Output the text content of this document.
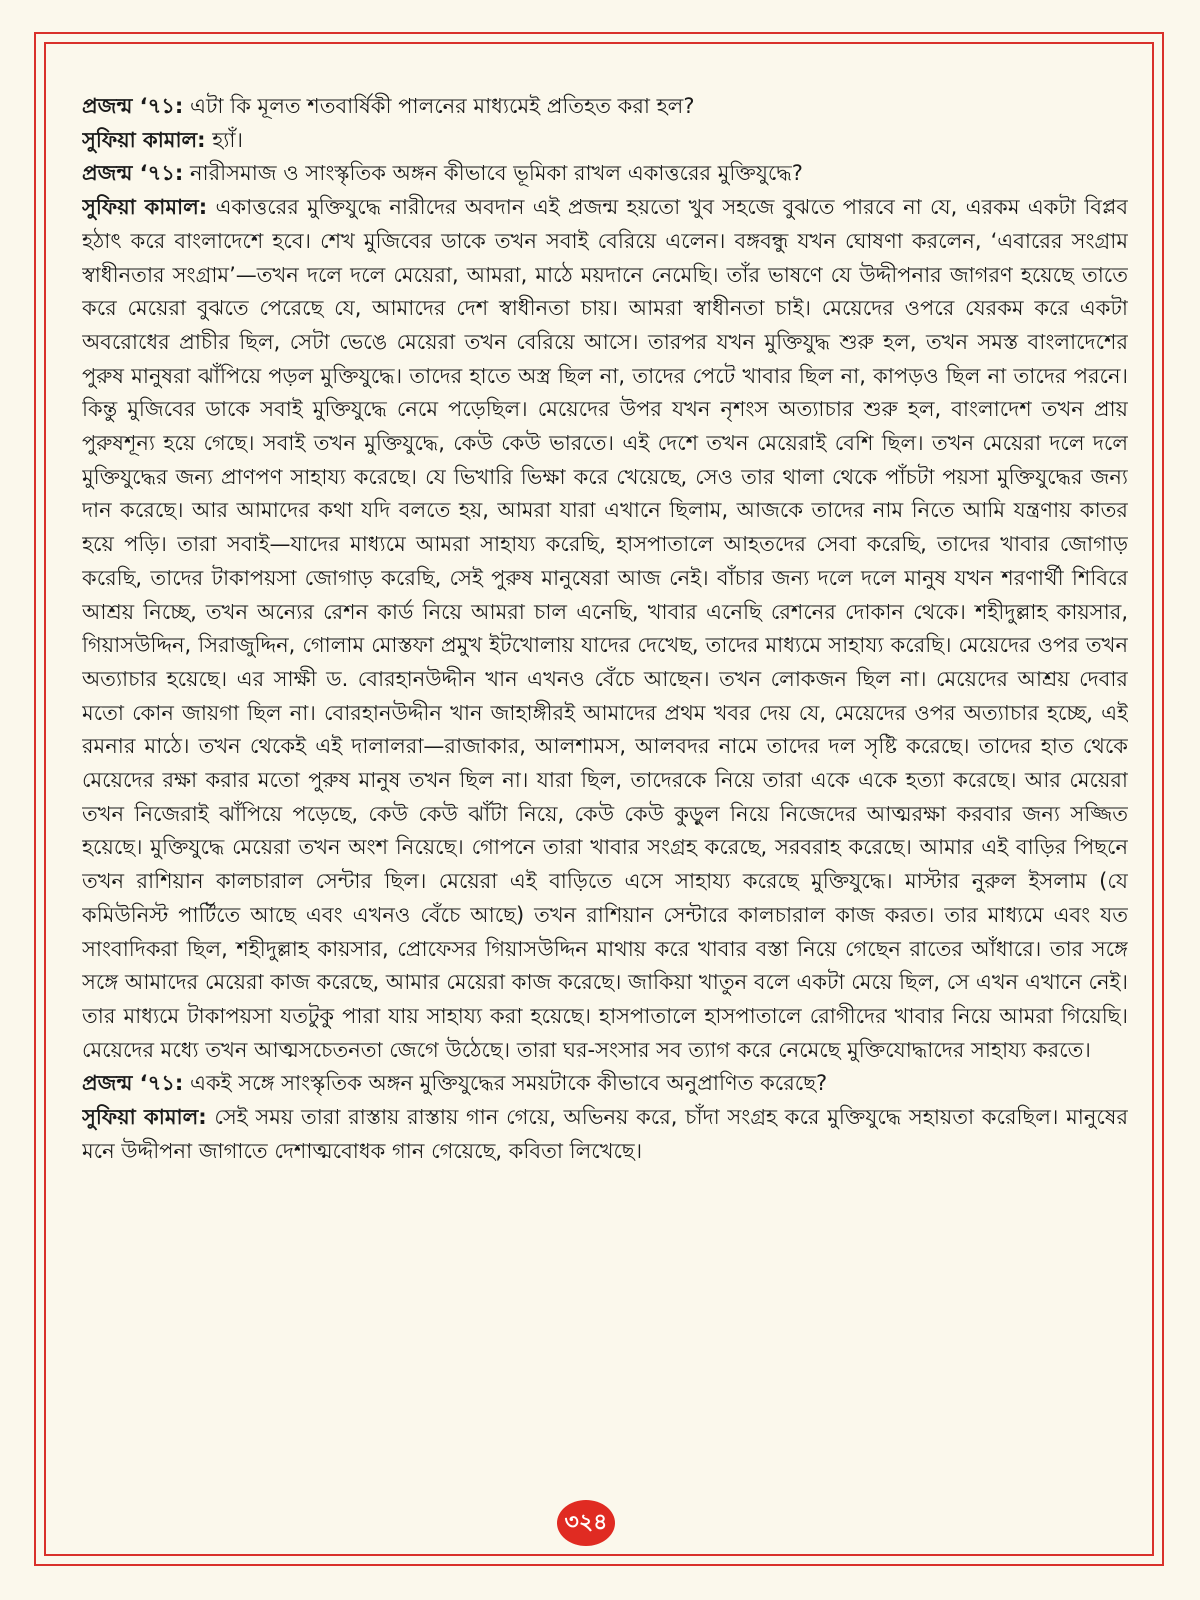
প্রজন্ম ‘৭১: এটা কি মূলত শতবার্ষিকী পালনের মাধ্যমেই প্রতিহত করা হল?

সুফিয়া কামাল: হ্যাঁ।

প্রজন্ম ‘৭১: নারীসমাজ ও সাংস্কৃতিক অঙ্গন কীভাবে ভূমিকা রাখল একাত্তরের মুক্তিযুদ্ধে?

সুফিয়া কামাল: একাত্তরের মুক্তিযুদ্ধে নারীদের অবদান এই প্রজন্ম হয়তো খুব সহজে বুঝতে পারবে না যে, এরকম একটা বিপ্লব হঠাৎ করে বাংলাদেশে হবে। শেখ মুজিবের ডাকে তখন সবাই বেরিয়ে এলেন। বঙ্গবন্ধু যখন ঘোষণা করলেন, ‘এবারের সংগ্রাম স্বাধীনতার সংগ্রাম’—তখন দলে দলে মেয়েরা, আমরা, মাঠে ময়দানে নেমেছি। তাঁর ভাষণে যে উদ্দীপনার জাগরণ হয়েছে তাতে করে মেয়েরা বুঝতে পেরেছে যে, আমাদের দেশ স্বাধীনতা চায়। আমরা স্বাধীনতা চাই। মেয়েদের ওপরে যেরকম করে একটা অবরোধের প্রাচীর ছিল, সেটা ভেঙে মেয়েরা তখন বেরিয়ে আসে। তারপর যখন মুক্তিযুদ্ধ শুরু হল, তখন সমস্ত বাংলাদেশের পুরুষ মানুষরা ঝাঁপিয়ে পড়ল মুক্তিযুদ্ধে। তাদের হাতে অস্ত্র ছিল না, তাদের পেটে খাবার ছিল না, কাপড়ও ছিল না তাদের পরনে। কিন্তু মুজিবের ডাকে সবাই মুক্তিযুদ্ধে নেমে পড়েছিল। মেয়েদের উপর যখন নৃশংস অত্যাচার শুরু হল, বাংলাদেশ তখন প্রায় পুরুষশূন্য হয়ে গেছে। সবাই তখন মুক্তিযুদ্ধে, কেউ কেউ ভারতে। এই দেশে তখন মেয়েরাই বেশি ছিল। তখন মেয়েরা দলে দলে মুক্তিযুদ্ধের জন্য প্রাণপণ সাহায্য করেছে। যে ভিখারি ভিক্ষা করে খেয়েছে, সেও তার থালা থেকে পাঁচটা পয়সা মুক্তিযুদ্ধের জন্য দান করেছে। আর আমাদের কথা যদি বলতে হয়, আমরা যারা এখানে ছিলাম, আজকে তাদের নাম নিতে আমি যন্ত্রণায় কাতর হয়ে পড়ি। তারা সবাই—যাদের মাধ্যমে আমরা সাহায্য করেছি, হাসপাতালে আহতদের সেবা করেছি, তাদের খাবার জোগাড় করেছি, তাদের টাকাপয়সা জোগাড় করেছি, সেই পুরুষ মানুষেরা আজ নেই। বাঁচার জন্য দলে দলে মানুষ যখন শরণার্থী শিবিরে আশ্রয় নিচ্ছে, তখন অন্যের রেশন কার্ড নিয়ে আমরা চাল এনেছি, খাবার এনেছি রেশনের দোকান থেকে। শহীদুল্লাহ কায়সার, গিয়াসউদ্দিন, সিরাজুদ্দিন, গোলাম মোস্তফা প্রমুখ ইটখোলায় যাদের দেখেছ, তাদের মাধ্যমে সাহায্য করেছি। মেয়েদের ওপর তখন অত্যাচার হয়েছে। এর সাক্ষী ড. বোরহানউদ্দীন খান এখনও বেঁচে আছেন। তখন লোকজন ছিল না। মেয়েদের আশ্রয় দেবার মতো কোন জায়গা ছিল না। বোরহানউদ্দীন খান জাহাঙ্গীরই আমাদের প্রথম খবর দেয় যে, মেয়েদের ওপর অত্যাচার হচ্ছে, এই রমনার মাঠে। তখন থেকেই এই দালালরা—রাজাকার, আলশামস, আলবদর নামে তাদের দল সৃষ্টি করেছে। তাদের হাত থেকে মেয়েদের রক্ষা করার মতো পুরুষ মানুষ তখন ছিল না। যারা ছিল, তাদেরকে নিয়ে তারা একে একে হত্যা করেছে। আর মেয়েরা তখন নিজেরাই ঝাঁপিয়ে পড়েছে, কেউ কেউ ঝাঁটা নিয়ে, কেউ কেউ কুড়ুল নিয়ে নিজেদের আত্মরক্ষা করবার জন্য সজ্জিত হয়েছে। মুক্তিযুদ্ধে মেয়েরা তখন অংশ নিয়েছে। গোপনে তারা খাবার সংগ্রহ করেছে, সরবরাহ করেছে। আমার এই বাড়ির পিছনে তখন রাশিয়ান কালচারাল সেন্টার ছিল। মেয়েরা এই বাড়িতে এসে সাহায্য করেছে মুক্তিযুদ্ধে। মাস্টার নুরুল ইসলাম (যে কমিউনিস্ট পার্টিতে আছে এবং এখনও বেঁচে আছে) তখন রাশিয়ান সেন্টারে কালচারাল কাজ করত। তার মাধ্যমে এবং যত সাংবাদিকরা ছিল, শহীদুল্লাহ কায়সার, প্রোফেসর গিয়াসউদ্দিন মাথায় করে খাবার বস্তা নিয়ে গেছেন রাতের আঁধারে। তার সঙ্গে সঙ্গে আমাদের মেয়েরা কাজ করেছে, আমার মেয়েরা কাজ করেছে। জাকিয়া খাতুন বলে একটা মেয়ে ছিল, সে এখন এখানে নেই। তার মাধ্যমে টাকাপয়সা যতটুকু পারা যায় সাহায্য করা হয়েছে। হাসপাতালে হাসপাতালে রোগীদের খাবার নিয়ে আমরা গিয়েছি। মেয়েদের মধ্যে তখন আত্মসচেতনতা জেগে উঠেছে। তারা ঘর-সংসার সব ত্যাগ করে নেমেছে মুক্তিযোদ্ধাদের সাহায্য করতে।

প্রজন্ম ‘৭১: একই সঙ্গে সাংস্কৃতিক অঙ্গন মুক্তিযুদ্ধের সময়টাকে কীভাবে অনুপ্রাণিত করেছে?

সুফিয়া কামাল: সেই সময় তারা রাস্তায় রাস্তায় গান গেয়ে, অভিনয় করে, চাঁদা সংগ্রহ করে মুক্তিযুদ্ধে সহায়তা করেছিল। মানুষের মনে উদ্দীপনা জাগাতে দেশাত্মবোধক গান গেয়েছে, কবিতা লিখেছে।

৩২৪
